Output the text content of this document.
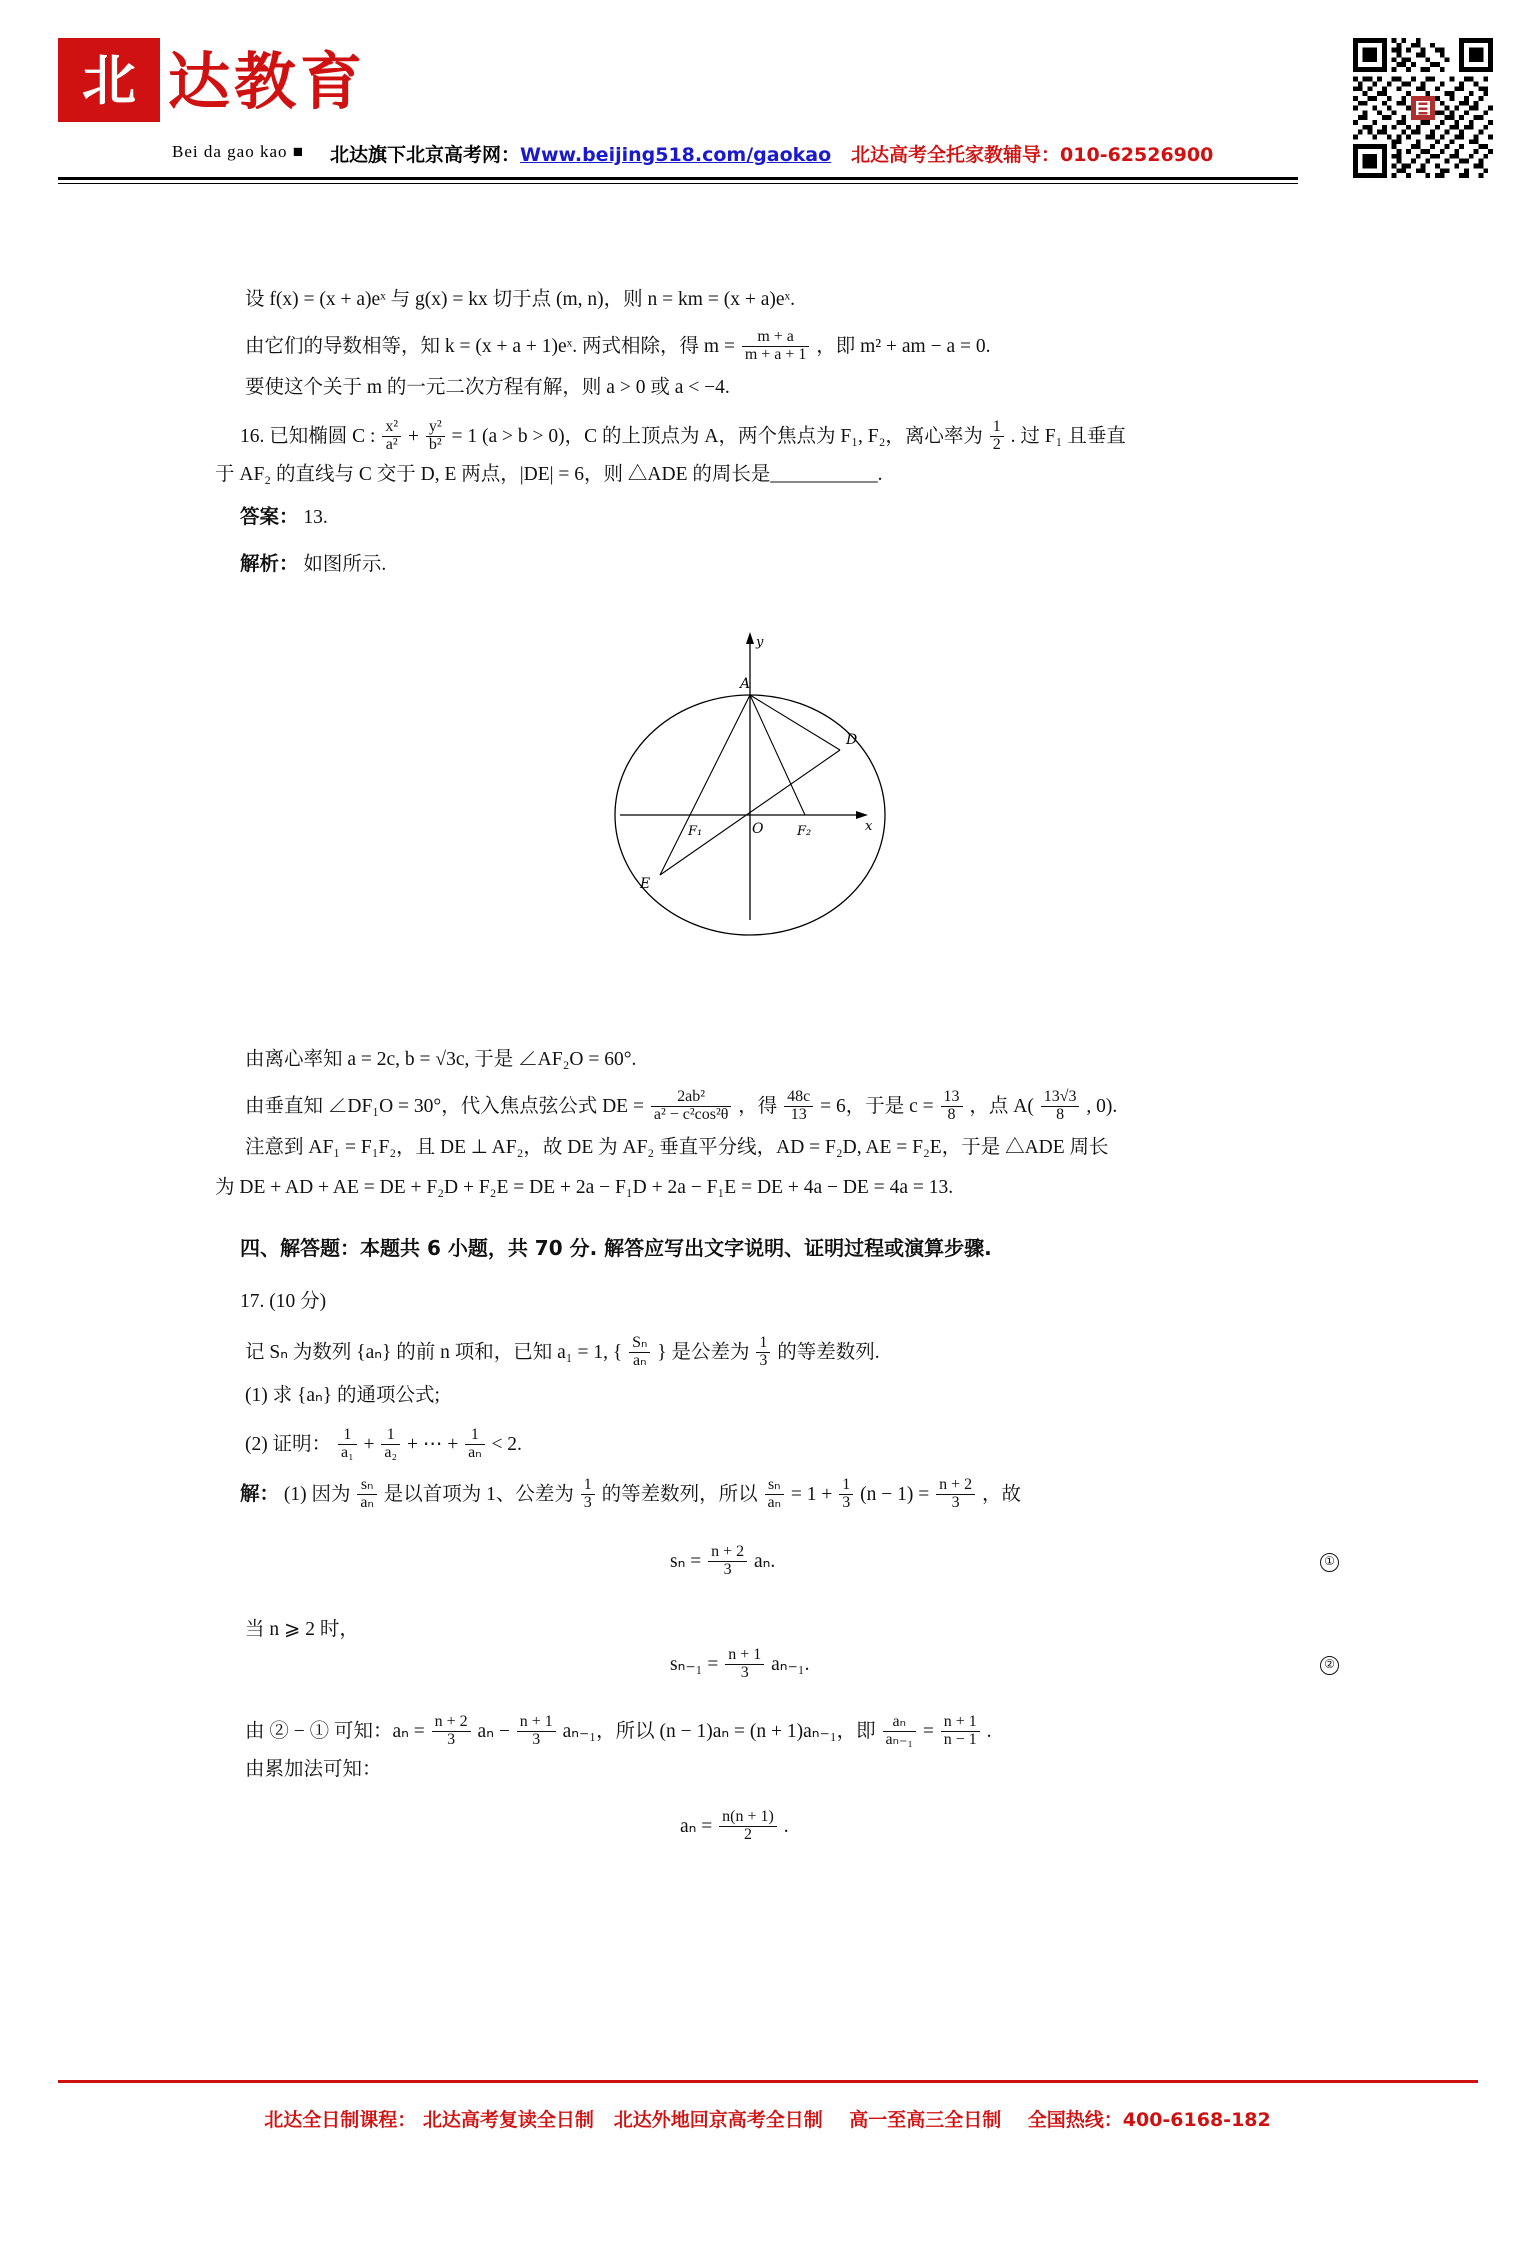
北 达教育
Bei da gao kao ■ 北达旗下北京高考网：Www.beijing518.com/gaokao 北达高考全托家教辅导：010-62526900
设 f(x) = (x + a)eˣ 与 g(x) = kx 切于点 (m, n)，则 n = km = (x + a)eˣ.
由它们的导数相等，知 k = (x + a + 1)eˣ. 两式相除，得 $m = \frac{m + a}{m + a + 1}$ ，即 m² + am − a = 0.
要使这个关于 m 的一元二次方程有解，则 a > 0 或 a < −4.
16. 已知椭圆 C : $\frac{\text{x²}}{\text{a²}} + \frac{\text{y²}}{\text{b²}} = 1$ (a > b > 0)，C 的上顶点为 A，两个焦点为 F₁, F₂，离心率为 $\frac{1}{2}$ . 过 F₁ 且垂直
于 AF₂ 的直线与 C 交于 D, E 两点，|DE| = 6，则 △ADE 的周长是___________.
答案： 13.
解析： 如图所示.
A
D
E
O
F₁	F₂
y
x
由离心率知 a = 2c, b = √3c, 于是 ∠AF₂O = 60°.
由垂直知 ∠DF₁O = 30°，代入焦点弦公式 DE = $\frac{\text{2ab²}}{\text{a² − c²cos²θ}}$ ，得 $\frac{48c}{13} = 6$，于是 $c = \frac{13}{8}$ ，点 $A( \frac{13√3}{8}$ , 0).
注意到 AF₁ = F₁F₂，且 DE ⊥ AF₂，故 DE 为 AF₂ 垂直平分线，AD = F₂D, AE = F₂E，于是 △ADE 周长
为 DE + AD + AE = DE + F₂D + F₂E = DE + 2a − F₁D + 2a − F₁E = DE + 4a − DE = 4a = 13.
四、解答题：本题共 6 小题，共 70 分. 解答应写出文字说明、证明过程或演算步骤.
17. (10 分)
记 Sₙ 为数列 {aₙ} 的前 n 项和，已知 a₁ = 1, { $\frac{\text{Sₙ}}{\text{aₙ}}$ } 是公差为 $\frac{1}{3}$ 的等差数列.
(1) 求 {aₙ} 的通项公式;
(2) 证明： $\frac{1}{\text{a₁}} + \frac{1}{\text{a₂}}$ + ⋯ + $\frac{1}{\text{aₙ}} < 2$.
解： (1) 因为 $\frac{\text{sₙ}}{\text{aₙ}}$ 是以首项为 1、公差为 $\frac{1}{3}$ 的等差数列，所以 $\frac{\text{sₙ}}{\text{aₙ}} = 1 + \frac{1}{3} (n - 1) = \frac{n + 2}{3}$ ，故
$s_n = \frac{n + 2}{3} a_n$.	①
当 n ⩾ 2 时，
$s_{n-1} = \frac{n + 1}{3} a_{n-1}$.	②
由 ② − ① 可知：$a_n = \frac{n + 2}{3}$ $a_n - \frac{n + 1}{3} a_{n-1}$，所以 (n − 1)aₙ = (n + 1)aₙ₋₁，即 $\frac{\text{aₙ}}{\text{aₙ₋₁}} = \frac{n + 1}{n - 1}$ .
由累加法可知：
$a_n = \frac{n(n + 1)}{2}$ .
北达全日制课程： 北达高考复读全日制 北达外地回京高考全日制 高一至高三全日制 全国热线：400-6168-182
